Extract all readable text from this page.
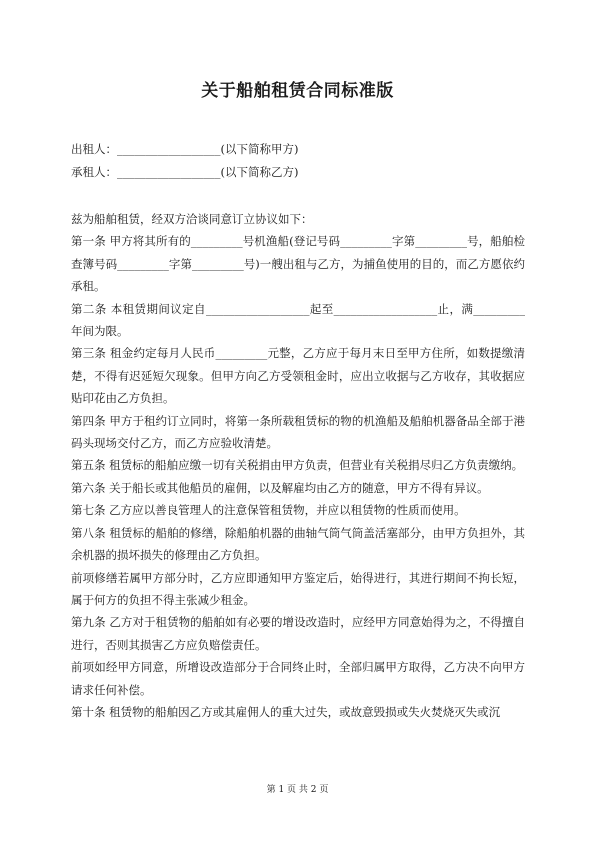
关于船舶租赁合同标准版
出租人：__________________(以下简称甲方)
承租人：__________________(以下简称乙方)

兹为船舶租赁，经双方洽谈同意订立协议如下：

第一条 甲方将其所有的_________号机渔船(登记号码_________字第_________号，船舶检查簿号码_________字第_________号)一艘出租与乙方，为捕鱼使用的目的，而乙方愿依约承租。

第二条 本租赁期间议定自__________________起至__________________止，满_________年间为限。

第三条 租金约定每月人民币_________元整，乙方应于每月末日至甲方住所，如数提缴清楚，不得有迟延短欠现象。但甲方向乙方受领租金时，应出立收据与乙方收存，其收据应贴印花由乙方负担。

第四条 甲方于租约订立同时，将第一条所载租赁标的物的机渔船及船舶机器备品全部于港码头现场交付乙方，而乙方应验收清楚。

第五条 租赁标的船舶应缴一切有关税捐由甲方负责，但营业有关税捐尽归乙方负责缴纳。

第六条 关于船长或其他船员的雇佣，以及解雇均由乙方的随意，甲方不得有异议。

第七条 乙方应以善良管理人的注意保管租赁物，并应以租赁物的性质而使用。

第八条 租赁标的船舶的修缮，除船舶机器的曲轴气筒气筒盖活塞部分，由甲方负担外，其余机器的损坏损失的修理由乙方负担。

前项修缮若属甲方部分时，乙方应即通知甲方鉴定后，始得进行，其进行期间不拘长短，属于何方的负担不得主张减少租金。

第九条 乙方对于租赁物的船舶如有必要的增设改造时，应经甲方同意始得为之，不得擅自进行，否则其损害乙方应负赔偿责任。

前项如经甲方同意，所增设改造部分于合同终止时，全部归属甲方取得，乙方决不向甲方请求任何补偿。

第十条 租赁物的船舶因乙方或其雇佣人的重大过失，或故意毁损或失火焚烧灭失或沉

第 1 页 共 2 页
